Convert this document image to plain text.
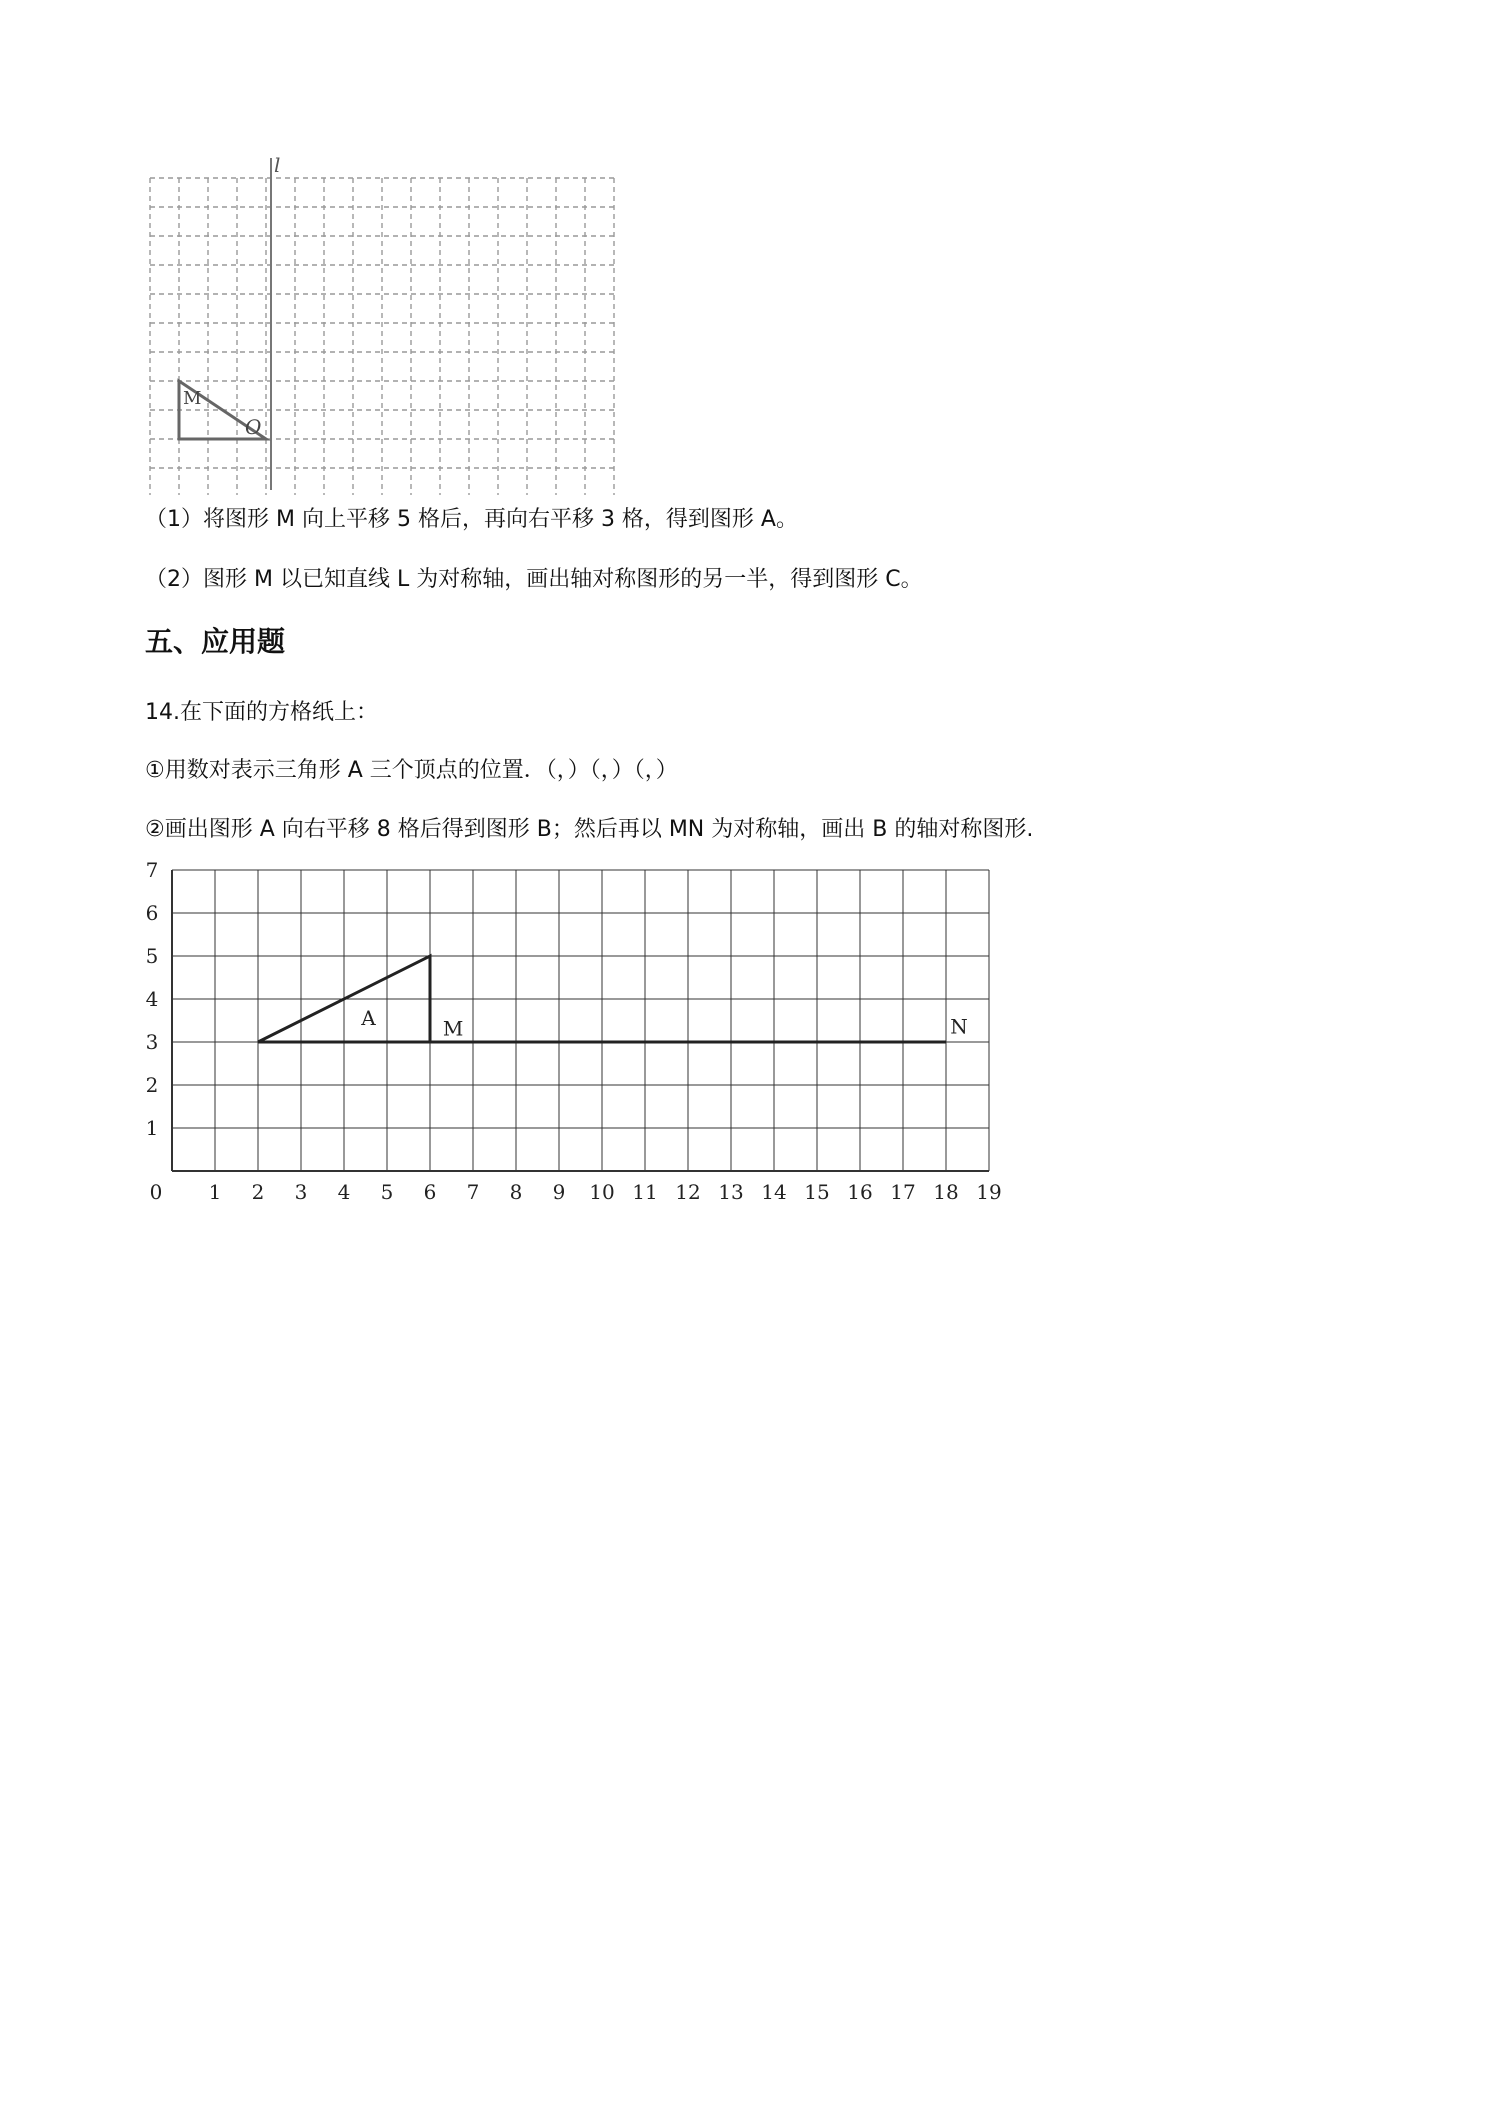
l
M
O
（1）将图形 M 向上平移 5 格后，再向右平移 3 格，得到图形 A。
（2）图形 M 以已知直线 L 为对称轴，画出轴对称图形的另一半，得到图形 C。
五、应用题
14.在下面的方格纸上：
①用数对表示三角形 A 三个顶点的位置．（，）（，）（，）
②画出图形 A 向右平移 8 格后得到图形 B；然后再以 MN 为对称轴，画出 B 的轴对称图形.
0 1 2 3 4 5 6 7 8 9 10 11 12 13 14 15 16 17 18 19
1
2
3
4
5
6
7
A	M	N
